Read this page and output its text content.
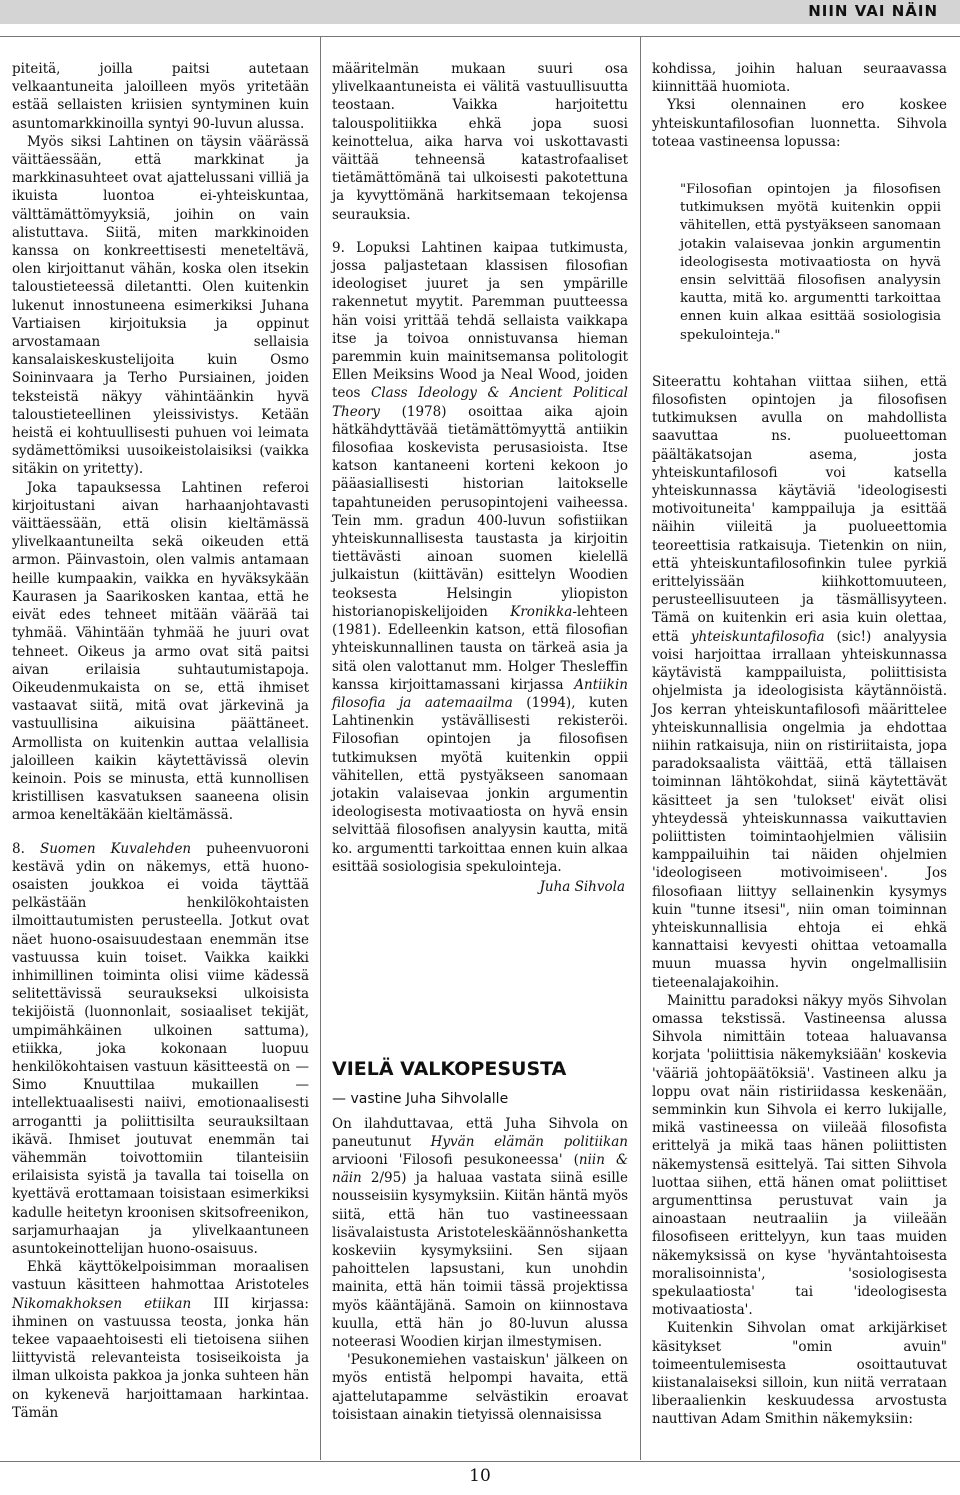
NIIN VAI NÄIN

piteitä, joilla paitsi autetaan velkaantuneita jaloilleen myös yritetään estää sellaisten kriisien syntyminen kuin asuntomarkkinoilla syntyi 90-luvun alussa.

Myös siksi Lahtinen on täysin väärässä väittäessään, että markkinat ja markkinasuhteet ovat ajattelussani villiä ja ikuista luontoa ei-yhteiskuntaa, välttämättömyyksiä, joihin on vain alistuttava. Siitä, miten markkinoiden kanssa on konkreettisesti meneteltävä, olen kirjoittanut vähän, koska olen itsekin taloustieteessä diletantti. Olen kuitenkin lukenut innostuneena esimerkiksi Juhana Vartiaisen kirjoituksia ja oppinut arvostamaan sellaisia kansalaiskeskustelijoita kuin Osmo Soininvaara ja Terho Pursiainen, joiden teksteistä näkyy vähintäänkin hyvä taloustieteellinen yleissivistys. Ketään heistä ei kohtuullisesti puhuen voi leimata sydämettömiksi uusoikeistolaisiksi (vaikka sitäkin on yritetty).

Joka tapauksessa Lahtinen referoi kirjoitustani aivan harhaanjohtavasti väittäessään, että olisin kieltämässä ylivelkaantuneilta sekä oikeuden että armon. Päinvastoin, olen valmis antamaan heille kumpaakin, vaikka en hyväksykään Kaurasen ja Saarikosken kantaa, että he eivät edes tehneet mitään väärää tai tyhmää. Vähintään tyhmää he juuri ovat tehneet. Oikeus ja armo ovat sitä paitsi aivan erilaisia suhtautumistapoja. Oikeudenmukaista on se, että ihmiset vastaavat siitä, mitä ovat järkevinä ja vastuullisina aikuisina päättäneet. Armollista on kuitenkin auttaa velallisia jaloilleen kaikin käytettävissä olevin keinoin. Pois se minusta, että kunnollisen kristillisen kasvatuksen saaneena olisin armoa keneltäkään kieltämässä.

8. Suomen Kuvalehden puheenvuoroni kestävä ydin on näkemys, että huono-osaisten joukkoa ei voida täyttää pelkästään henkilökohtaisten ilmoittautumisten perusteella. Jotkut ovat näet huono-osaisuudestaan enemmän itse vastuussa kuin toiset. Vaikka kaikki inhimillinen toiminta olisi viime kädessä selitettävissä seuraukseksi ulkoisista tekijöistä (luonnonlait, sosiaaliset tekijät, umpimähkäinen ulkoinen sattuma), etiikka, joka kokonaan luopuu henkilökohtaisen vastuun käsitteestä on — Simo Knuuttilaa mukaillen — intellektuaalisesti naiivi, emotionaalisesti arrogantti ja poliittisilta seurauksiltaan ikävä. Ihmiset joutuvat enemmän tai vähemmän toivottomiin tilanteisiin erilaisista syistä ja tavalla tai toisella on kyettävä erottamaan toisistaan esimerkiksi kadulle heitetyn kroonisen skitsofreenikon, sarjamurhaajan ja ylivelkaantuneen asuntokeinottelijan huono-osaisuus.

Ehkä käyttökelpoisimman moraalisen vastuun käsitteen hahmottaa Aristoteles Nikomakhoksen etiikan III kirjassa: ihminen on vastuussa teosta, jonka hän tekee vapaaehtoisesti eli tietoisena siihen liittyvistä relevanteista tosiseikoista ja ilman ulkoista pakkoa ja jonka suhteen hän on kykenevä harjoittamaan harkintaa. Tämän

määritelmän mukaan suuri osa ylivelkaantuneista ei välitä vastuullisuutta teostaan. Vaikka harjoitettu talouspolitiikka ehkä jopa suosi keinottelua, aika harva voi uskottavasti väittää tehneensä katastrofaaliset tietämättömänä tai ulkoisesti pakotettuna ja kyvyttömänä harkitsemaan tekojensa seurauksia.

9. Lopuksi Lahtinen kaipaa tutkimusta, jossa paljastetaan klassisen filosofian ideologiset juuret ja sen ympärille rakennetut myytit. Paremman puutteessa hän voisi yrittää tehdä sellaista vaikkapa itse ja toivoa onnistuvansa hieman paremmin kuin mainitsemansa politologit Ellen Meiksins Wood ja Neal Wood, joiden teos Class Ideology & Ancient Political Theory (1978) osoittaa aika ajoin hätkähdyttävää tietämättömyyttä antiikin filosofiaa koskevista perusasioista. Itse katson kantaneeni korteni kekoon jo pääasiallisesti historian laitokselle tapahtuneiden perusopintojeni vaiheessa. Tein mm. gradun 400-luvun sofistiikan yhteiskunnallisesta taustasta ja kirjoitin tiettävästi ainoan suomen kielellä julkaistun (kiittävän) esittelyn Woodien teoksesta Helsingin yliopiston historianopiskelijoiden Kronikka-lehteen (1981). Edelleenkin katson, että filosofian yhteiskunnallinen tausta on tärkeä asia ja sitä olen valottanut mm. Holger Thesleffin kanssa kirjoittamassani kirjassa Antiikin filosofia ja aatemaailma (1994), kuten Lahtinenkin ystävällisesti rekisteröi. Filosofian opintojen ja filosofisen tutkimuksen myötä kuitenkin oppii vähitellen, että pystyäkseen sanomaan jotakin valaisevaa jonkin argumentin ideologisesta motivaatiosta on hyvä ensin selvittää filosofisen analyysin kautta, mitä ko. argumentti tarkoittaa ennen kuin alkaa esittää sosiologisia spekulointeja.

Juha Sihvola

VIELÄ VALKOPESUSTA

— vastine Juha Sihvolalle

On ilahduttavaa, että Juha Sihvola on paneutunut Hyvän elämän politiikan arvioonі 'Filosofi pesukoneessa' (niin & näin 2/95) ja haluaa vastata siinä esille nousseisiin kysymyksiin. Kiitän häntä myös siitä, että hän tuo vastineessaan lisävalaistusta Aristoteleskäännöshanketta koskeviin kysymyksiini. Sen sijaan pahoittelen lapsustani, kun unohdin mainita, että hän toimii tässä projektissa myös kääntäjänä. Samoin on kiinnostava kuulla, että hän jo 80-luvun alussa noteerasi Woodien kirjan ilmestymisen.

'Pesukonemiehen vastaiskun' jälkeen on myös entistä helpompi havaita, että ajattelutapamme selvästikin eroavat toisistaan ainakin tietyissä olennaisissa

kohdissa, joihin haluan seuraavassa kiinnittää huomiota.

Yksi olennainen ero koskee yhteiskuntafilosofian luonnetta. Sihvola toteaa vastineensa lopussa:

"Filosofian opintojen ja filosofisen tutkimuksen myötä kuitenkin oppii vähitellen, että pystyäkseen sanomaan jotakin valaisevaa jonkin argumentin ideologisesta motivaatiosta on hyvä ensin selvittää filosofisen analyysin kautta, mitä ko. argumentti tarkoittaa ennen kuin alkaa esittää sosiologisia spekulointeja."

Siteerattu kohtahan viittaa siihen, että filosofisten opintojen ja filosofisen tutkimuksen avulla on mahdollista saavuttaa ns. puolueettoman päältäkatsojan asema, josta yhteiskuntafilosofi voi katsella yhteiskunnassa käytäviä 'ideologisesti motivoituneita' kamppailuja ja esittää näihin viileitä ja puolueettomia teoreettisia ratkaisuja. Tietenkin on niin, että yhteiskuntafilosofinkin tulee pyrkiä erittelyissään kiihkottomuuteen, perusteellisuuteen ja täsmällisyyteen. Tämä on kuitenkin eri asia kuin olettaa, että yhteiskuntafilosofia (sic!) analyysia voisi harjoittaa irrallaan yhteiskunnassa käytävistä kamppailuista, poliittisista ohjelmista ja ideologisista käytännöistä. Jos kerran yhteiskuntafilosofi määrittelee yhteiskunnallisia ongelmia ja ehdottaa niihin ratkaisuja, niin on ristiriitaista, jopa paradoksaalista väittää, että tällaisen toiminnan lähtökohdat, siinä käytettävät käsitteet ja sen 'tulokset' eivät olisi yhteydessä yhteiskunnassa vaikuttavien poliittisten toimintaohjelmien välisiin kamppailuihin tai näiden ohjelmien 'ideologiseen motivoimiseen'. Jos filosofiaan liittyy sellainenkin kysymys kuin "tunne itsesi", niin oman toiminnan yhteiskunnallisia ehtoja ei ehkä kannattaisi kevyesti ohittaa vetoamalla muun muassa hyvin ongelmallisiin tieteenalajakoihin.

Mainittu paradoksi näkyy myös Sihvolan omassa tekstissä. Vastineensa alussa Sihvola nimittäin toteaa haluavansa korjata 'poliittisia näkemyksiään' koskevia 'vääriä johtopäätöksiä'. Vastineen alku ja loppu ovat näin ristiriidassa keskenään, semminkin kun Sihvola ei kerro lukijalle, mikä vastineessa on viileää filosofista erittelyä ja mikä taas hänen poliittisten näkemystensä esittelyä. Tai sitten Sihvola luottaa siihen, että hänen omat poliittiset argumenttinsa perustuvat vain ja ainoastaan neutraaliin ja viileään filosofiseen erittelyyn, kun taas muiden näkemyksissä on kyse 'hyväntahtoisesta moralisoinnista', 'sosiologisesta spekulaatiosta' tai 'ideologisesta motivaatiosta'.

Kuitenkin Sihvolan omat arkijärkiset käsitykset "omin avuin" toimeentulemisesta osoittautuvat kiistanalaiseksi silloin, kun niitä verrataan liberaalienkin keskuudessa arvostusta nauttivan Adam Smithin näkemyksiin:

10
